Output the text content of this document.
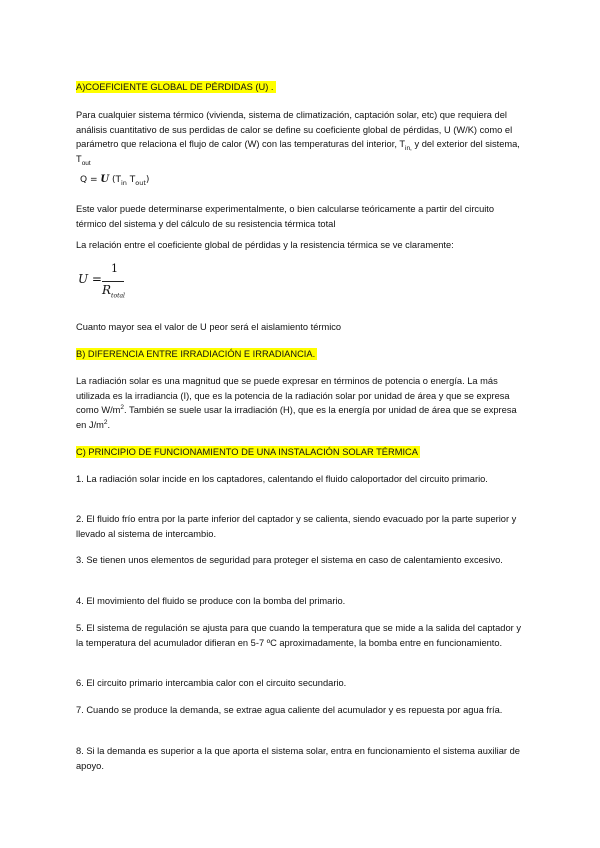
A)COEFICIENTE GLOBAL DE PÉRDIDAS (U) .

Para cualquier sistema térmico (vivienda, sistema de climatización, captación solar, etc) que requiera del análisis cuantitativo de sus perdidas de calor se define su coeficiente global de pérdidas, U (W/K) como el parámetro que relaciona el flujo de calor (W) con las temperaturas del interior, $T_{in,}$ y del exterior del sistema, $T_{out}$

Q = U ($T_{in}$ $T_{out}$)

Este valor puede determinarse experimentalmente, o bien calcularse teóricamente a partir del circuito térmico del sistema y del cálculo de su resistencia térmica total

La relación entre el coeficiente global de pérdidas y la resistencia térmica se ve claramente:

U =
1
$R_{total}$

Cuanto mayor sea el valor de U peor será el aislamiento térmico

B) DIFERENCIA ENTRE IRRADIACIÓN E IRRADIANCIA.

La radiación solar es una magnitud que se puede expresar en términos de potencia o energía. La más utilizada es la irradiancia (I), que es la potencia de la radiación solar por unidad de área y que se expresa como $W/m^2$. También se suele usar la irradiación (H), que es la energía por unidad de área que se expresa en $J/m^2$.

C) PRINCIPIO DE FUNCIONAMIENTO DE UNA INSTALACIÓN SOLAR TÉRMICA

1. La radiación solar incide en los captadores, calentando el fluido caloportador del circuito primario.

2. El fluido frío entra por la parte inferior del captador y se calienta, siendo evacuado por la parte superior y llevado al sistema de intercambio.

3. Se tienen unos elementos de seguridad para proteger el sistema en caso de calentamiento excesivo.

4. El movimiento del fluido se produce con la bomba del primario.

5. El sistema de regulación se ajusta para que cuando la temperatura que se mide a la salida del captador y la temperatura del acumulador difieran en 5-7 ºC aproximadamente, la bomba entre en funcionamiento.

6. El circuito primario intercambia calor con el circuito secundario.

7. Cuando se produce la demanda, se extrae agua caliente del acumulador y es repuesta por agua fría.

8. Si la demanda es superior a la que aporta el sistema solar, entra en funcionamiento el sistema auxiliar de apoyo.
